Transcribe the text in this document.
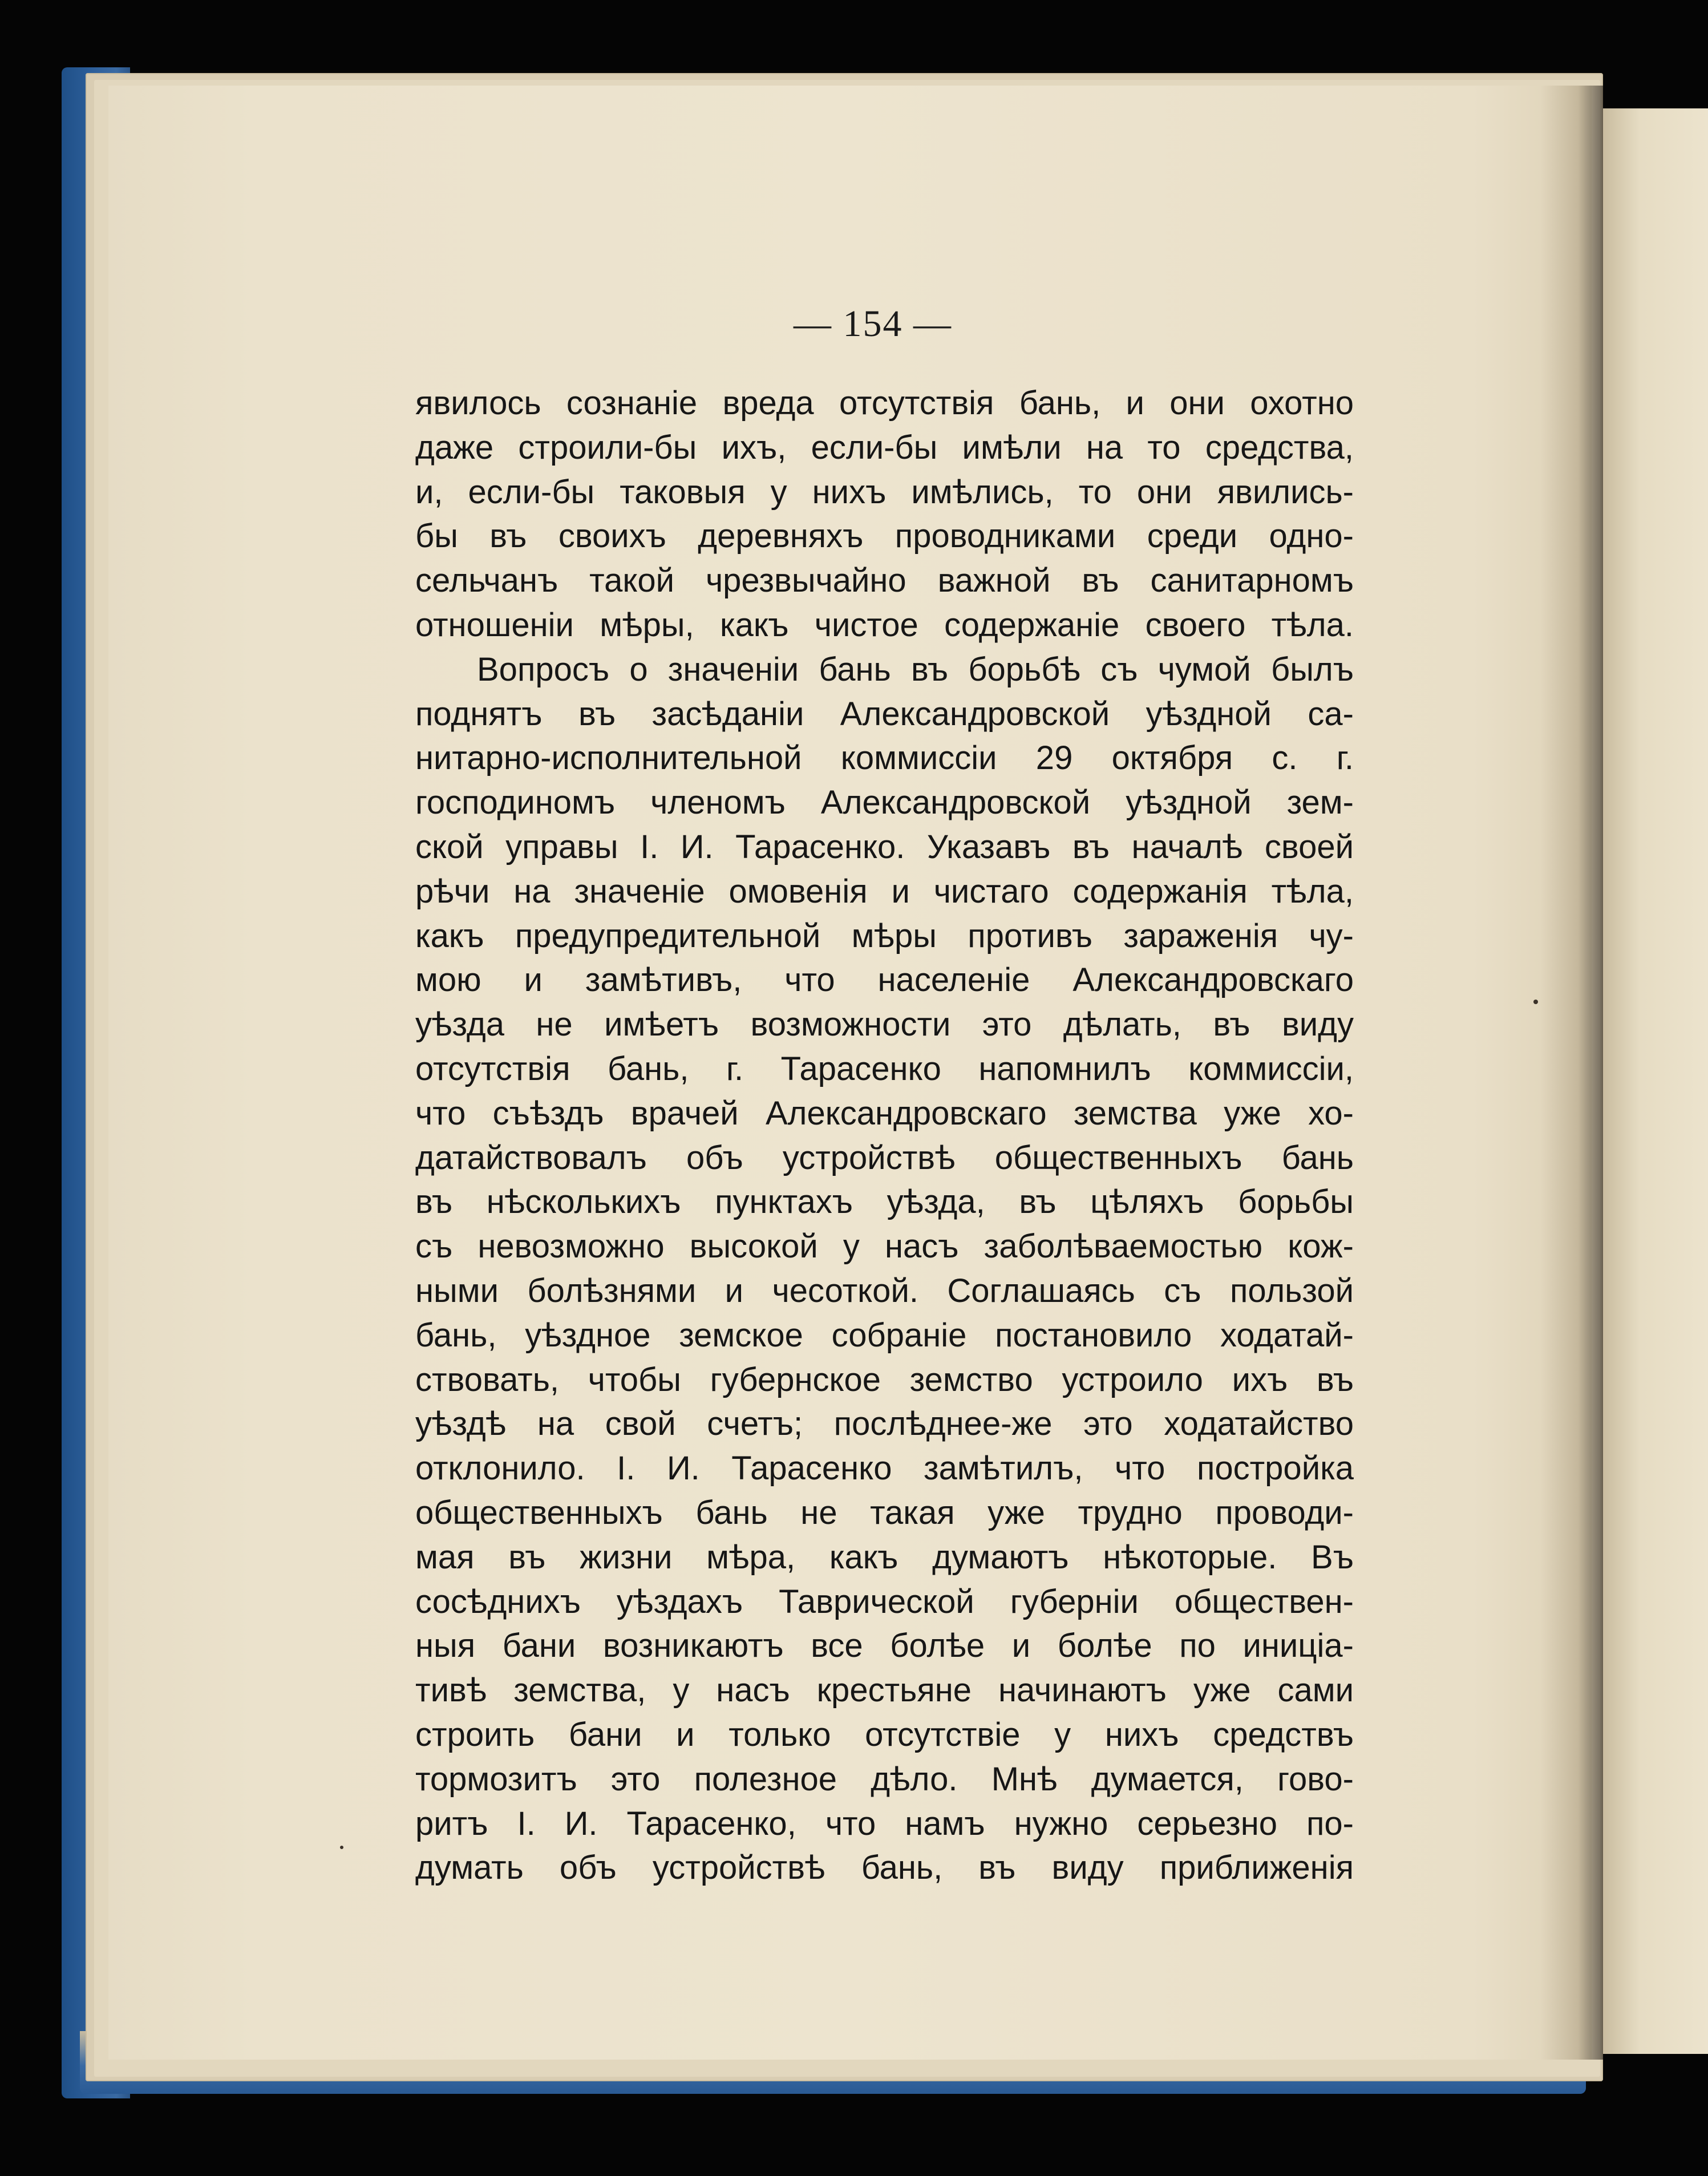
— 154 —
явилось сознаніе вреда отсутствія бань, и они охотно
даже строили-бы ихъ, если-бы имѣли на то средства,
и, если-бы таковыя у нихъ имѣлись, то они явились-
бы въ своихъ деревняхъ проводниками среди одно-
сельчанъ такой чрезвычайно важной въ санитарномъ
отношеніи мѣры, какъ чистое содержаніе своего тѣла.
Вопросъ о значеніи бань въ борьбѣ съ чумой былъ
поднятъ въ засѣданіи Александровской уѣздной са-
нитарно-исполнительной коммиссіи 29 октября с. г.
господиномъ членомъ Александровской уѣздной зем-
ской управы І. И. Тарасенко. Указавъ въ началѣ своей
рѣчи на значеніе омовенія и чистаго содержанія тѣла,
какъ предупредительной мѣры противъ зараженія чу-
мою и замѣтивъ, что населеніе Александровскаго
уѣзда не имѣетъ возможности это дѣлать, въ виду
отсутствія бань, г. Тарасенко напомнилъ коммиссіи,
что съѣздъ врачей Александровскаго земства уже хо-
датайствовалъ объ устройствѣ общественныхъ бань
въ нѣсколькихъ пунктахъ уѣзда, въ цѣляхъ борьбы
съ невозможно высокой у насъ заболѣваемостью кож-
ными болѣзнями и чесоткой. Соглашаясь съ пользой
бань, уѣздное земское собраніе постановило ходатай-
ствовать, чтобы губернское земство устроило ихъ въ
уѣздѣ на свой счетъ; послѣднее-же это ходатайство
отклонило. І. И. Тарасенко замѣтилъ, что постройка
общественныхъ бань не такая уже трудно проводи-
мая въ жизни мѣра, какъ думаютъ нѣкоторые. Въ
сосѣднихъ уѣздахъ Таврической губерніи обществен-
ныя бани возникаютъ все болѣе и болѣе по иниціа-
тивѣ земства, у насъ крестьяне начинаютъ уже сами
строить бани и только отсутствіе у нихъ средствъ
тормозитъ это полезное дѣло. Мнѣ думается, гово-
ритъ І. И. Тарасенко, что намъ нужно серьезно по-
думать объ устройствѣ бань, въ виду приближенія
